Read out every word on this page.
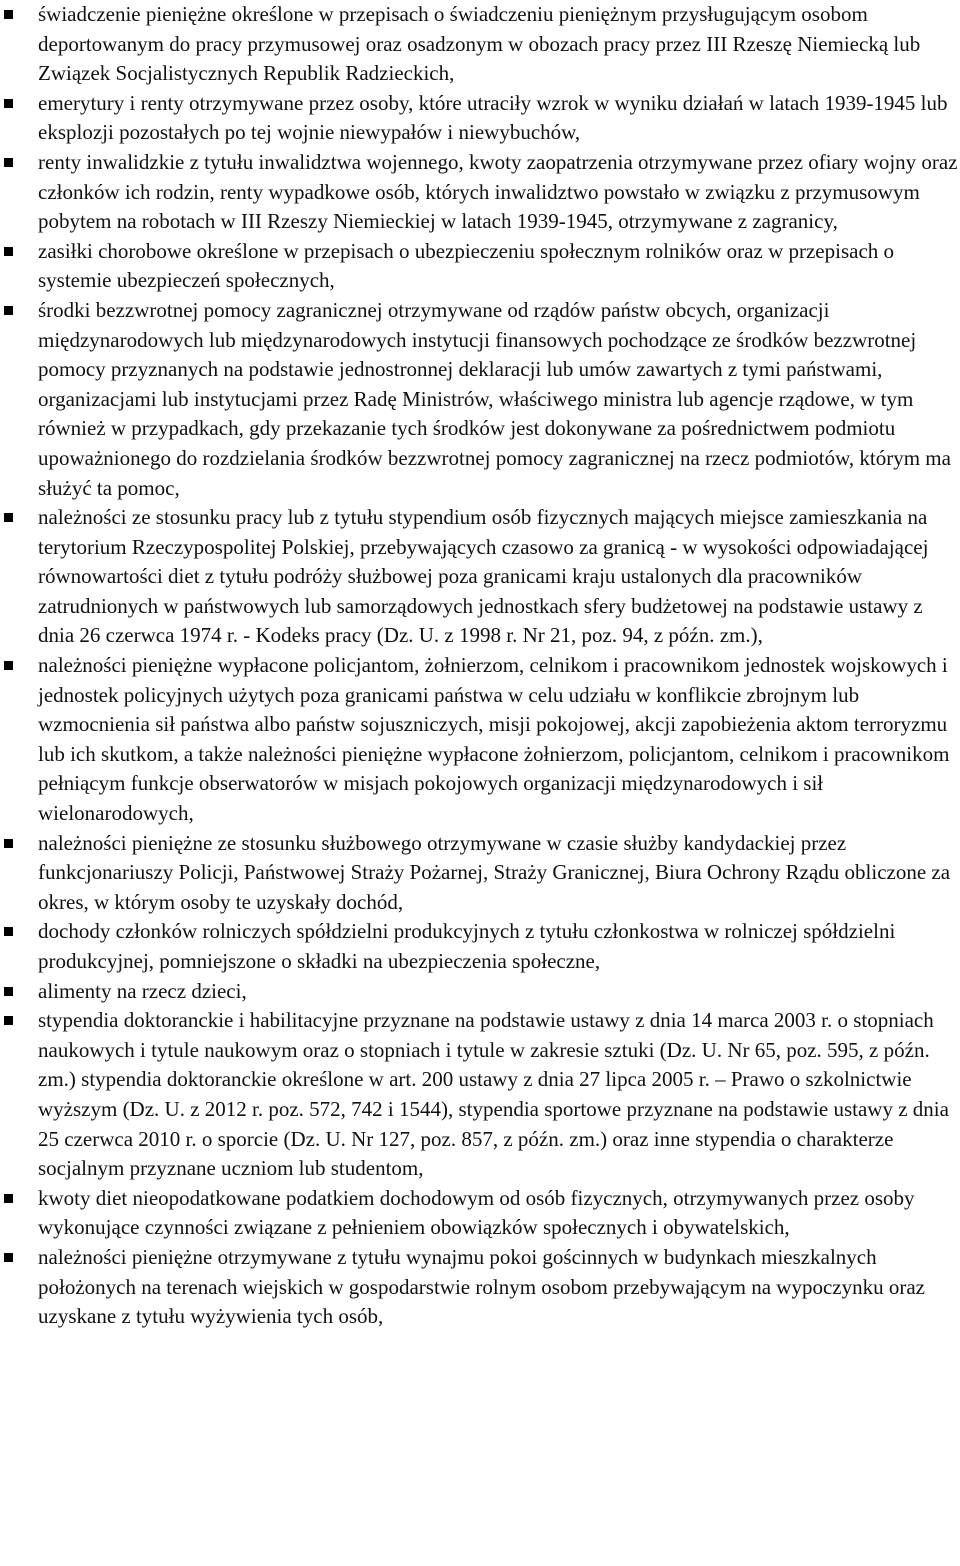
świadczenie pieniężne określone w przepisach o świadczeniu pieniężnym przysługującym osobom deportowanym do pracy przymusowej oraz osadzonym w obozach pracy przez III Rzeszę Niemiecką lub Związek Socjalistycznych Republik Radzieckich,
emerytury i renty otrzymywane przez osoby, które utraciły wzrok w wyniku działań w latach 1939-1945 lub eksplozji pozostałych po tej wojnie niewypałów i niewybuchów,
renty inwalidzkie z tytułu inwalidztwa wojennego, kwoty zaopatrzenia otrzymywane przez ofiary wojny oraz członków ich rodzin, renty wypadkowe osób, których inwalidztwo powstało w związku z przymusowym pobytem na robotach w III Rzeszy Niemieckiej w latach 1939-1945, otrzymywane z zagranicy,
zasiłki chorobowe określone w przepisach o ubezpieczeniu społecznym rolników oraz w przepisach o systemie ubezpieczeń społecznych,
środki bezzwrotnej pomocy zagranicznej otrzymywane od rządów państw obcych, organizacji międzynarodowych lub międzynarodowych instytucji finansowych pochodzące ze środków bezzwrotnej pomocy przyznanych na podstawie jednostronnej deklaracji lub umów zawartych z tymi państwami, organizacjami lub instytucjami przez Radę Ministrów, właściwego ministra lub agencje rządowe, w tym również w przypadkach, gdy przekazanie tych środków jest dokonywane za pośrednictwem podmiotu upoważnionego do rozdzielania środków bezzwrotnej pomocy zagranicznej na rzecz podmiotów, którym ma służyć ta pomoc,
należności ze stosunku pracy lub z tytułu stypendium osób fizycznych mających miejsce zamieszkania na terytorium Rzeczypospolitej Polskiej, przebywających czasowo za granicą - w wysokości odpowiadającej równowartości diet z tytułu podróży służbowej poza granicami kraju ustalonych dla pracowników zatrudnionych w państwowych lub samorządowych jednostkach sfery budżetowej na podstawie ustawy z dnia 26 czerwca 1974 r. - Kodeks pracy (Dz. U. z 1998 r. Nr 21, poz. 94, z późn. zm.),
należności pieniężne wypłacone policjantom, żołnierzom, celnikom i pracownikom jednostek wojskowych i jednostek policyjnych użytych poza granicami państwa w celu udziału w konflikcie zbrojnym lub wzmocnienia sił państwa albo państw sojuszniczych, misji pokojowej, akcji zapobieżenia aktom terroryzmu lub ich skutkom, a także należności pieniężne wypłacone żołnierzom, policjantom, celnikom i pracownikom pełniącym funkcje obserwatorów w misjach pokojowych organizacji międzynarodowych i sił wielonarodowych,
należności pieniężne ze stosunku służbowego otrzymywane w czasie służby kandydackiej przez funkcjonariuszy Policji, Państwowej Straży Pożarnej, Straży Granicznej, Biura Ochrony Rządu obliczone za okres, w którym osoby te uzyskały dochód,
dochody członków rolniczych spółdzielni produkcyjnych z tytułu członkostwa w rolniczej spółdzielni produkcyjnej, pomniejszone o składki na ubezpieczenia społeczne,
alimenty na rzecz dzieci,
stypendia doktoranckie i habilitacyjne przyznane na podstawie ustawy z dnia 14 marca 2003 r. o stopniach naukowych i tytule naukowym oraz o stopniach i tytule w zakresie sztuki (Dz. U. Nr 65, poz. 595, z późn. zm.) stypendia doktoranckie określone w art. 200 ustawy z dnia 27 lipca 2005 r. – Prawo o szkolnictwie wyższym (Dz. U. z 2012 r. poz. 572, 742 i 1544), stypendia sportowe przyznane na podstawie ustawy z dnia 25 czerwca 2010 r. o sporcie (Dz. U. Nr 127, poz. 857, z późn. zm.) oraz inne stypendia o charakterze socjalnym przyznane uczniom lub studentom,
kwoty diet nieopodatkowane podatkiem dochodowym od osób fizycznych, otrzymywanych przez osoby wykonujące czynności związane z pełnieniem obowiązków społecznych i obywatelskich,
należności pieniężne otrzymywane z tytułu wynajmu pokoi gościnnych w budynkach mieszkalnych położonych na terenach wiejskich w gospodarstwie rolnym osobom przebywającym na wypoczynku oraz uzyskane z tytułu wyżywienia tych osób,
